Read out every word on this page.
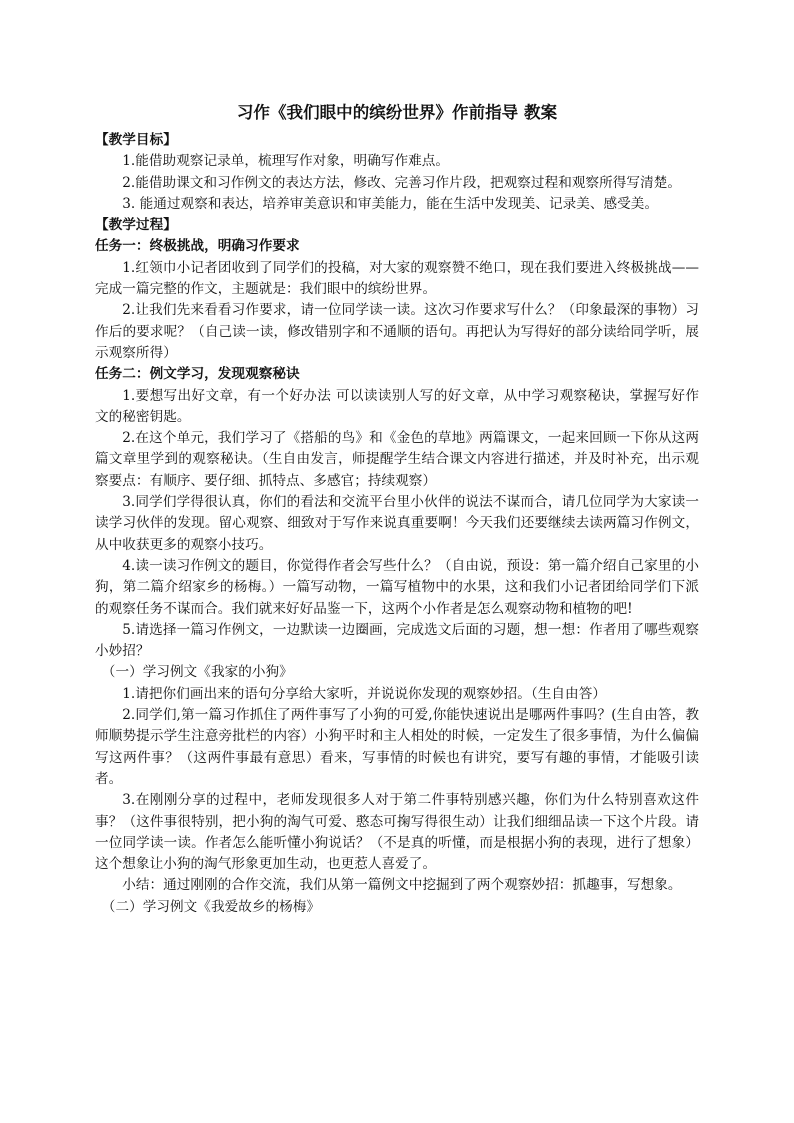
习作《我们眼中的缤纷世界》作前指导 教案

【教学目标】

1.能借助观察记录单，梳理写作对象，明确写作难点。

2.能借助课文和习作例文的表达方法，修改、完善习作片段，把观察过程和观察所得写清楚。

3. 能通过观察和表达，培养审美意识和审美能力，能在生活中发现美、记录美、感受美。

【教学过程】

任务一：终极挑战，明确习作要求

1.红领巾小记者团收到了同学们的投稿，对大家的观察赞不绝口，现在我们要进入终极挑战——完成一篇完整的作文，主题就是：我们眼中的缤纷世界。

2.让我们先来看看习作要求，请一位同学读一读。这次习作要求写什么？（印象最深的事物）习作后的要求呢？（自己读一读，修改错别字和不通顺的语句。再把认为写得好的部分读给同学听，展示观察所得）

任务二：例文学习，发现观察秘诀

1.要想写出好文章，有一个好办法 可以读读别人写的好文章，从中学习观察秘诀，掌握写好作文的秘密钥匙。

2.在这个单元，我们学习了《搭船的鸟》和《金色的草地》两篇课文，一起来回顾一下你从这两篇文章里学到的观察秘诀。（生自由发言，师提醒学生结合课文内容进行描述，并及时补充，出示观察要点：有顺序、要仔细、抓特点、多感官；持续观察）

3.同学们学得很认真，你们的看法和交流平台里小伙伴的说法不谋而合，请几位同学为大家读一读学习伙伴的发现。留心观察、细致对于写作来说真重要啊！今天我们还要继续去读两篇习作例文，从中收获更多的观察小技巧。

4.读一读习作例文的题目，你觉得作者会写些什么？（自由说，预设：第一篇介绍自己家里的小狗，第二篇介绍家乡的杨梅。）一篇写动物，一篇写植物中的水果，这和我们小记者团给同学们下派的观察任务不谋而合。我们就来好好品鉴一下，这两个小作者是怎么观察动物和植物的吧!

5.请选择一篇习作例文，一边默读一边圈画，完成选文后面的习题，想一想：作者用了哪些观察小妙招？

（一）学习例文《我家的小狗》

1.请把你们画出来的语句分享给大家听，并说说你发现的观察妙招。（生自由答）

2.同学们,第一篇习作抓住了两件事写了小狗的可爱,你能快速说出是哪两件事吗？(生自由答，教师顺势提示学生注意旁批栏的内容）小狗平时和主人相处的时候，一定发生了很多事情，为什么偏偏写这两件事？（这两件事最有意思）看来，写事情的时候也有讲究，要写有趣的事情，才能吸引读者。

3.在刚刚分享的过程中，老师发现很多人对于第二件事特别感兴趣，你们为什么特别喜欢这件事？（这件事很特别，把小狗的淘气可爱、憨态可掬写得很生动）让我们细细品读一下这个片段。请一位同学读一读。作者怎么能听懂小狗说话？（不是真的听懂，而是根据小狗的表现，进行了想象）这个想象让小狗的淘气形象更加生动，也更惹人喜爱了。

小结：通过刚刚的合作交流，我们从第一篇例文中挖掘到了两个观察妙招：抓趣事，写想象。

（二）学习例文《我爱故乡的杨梅》
